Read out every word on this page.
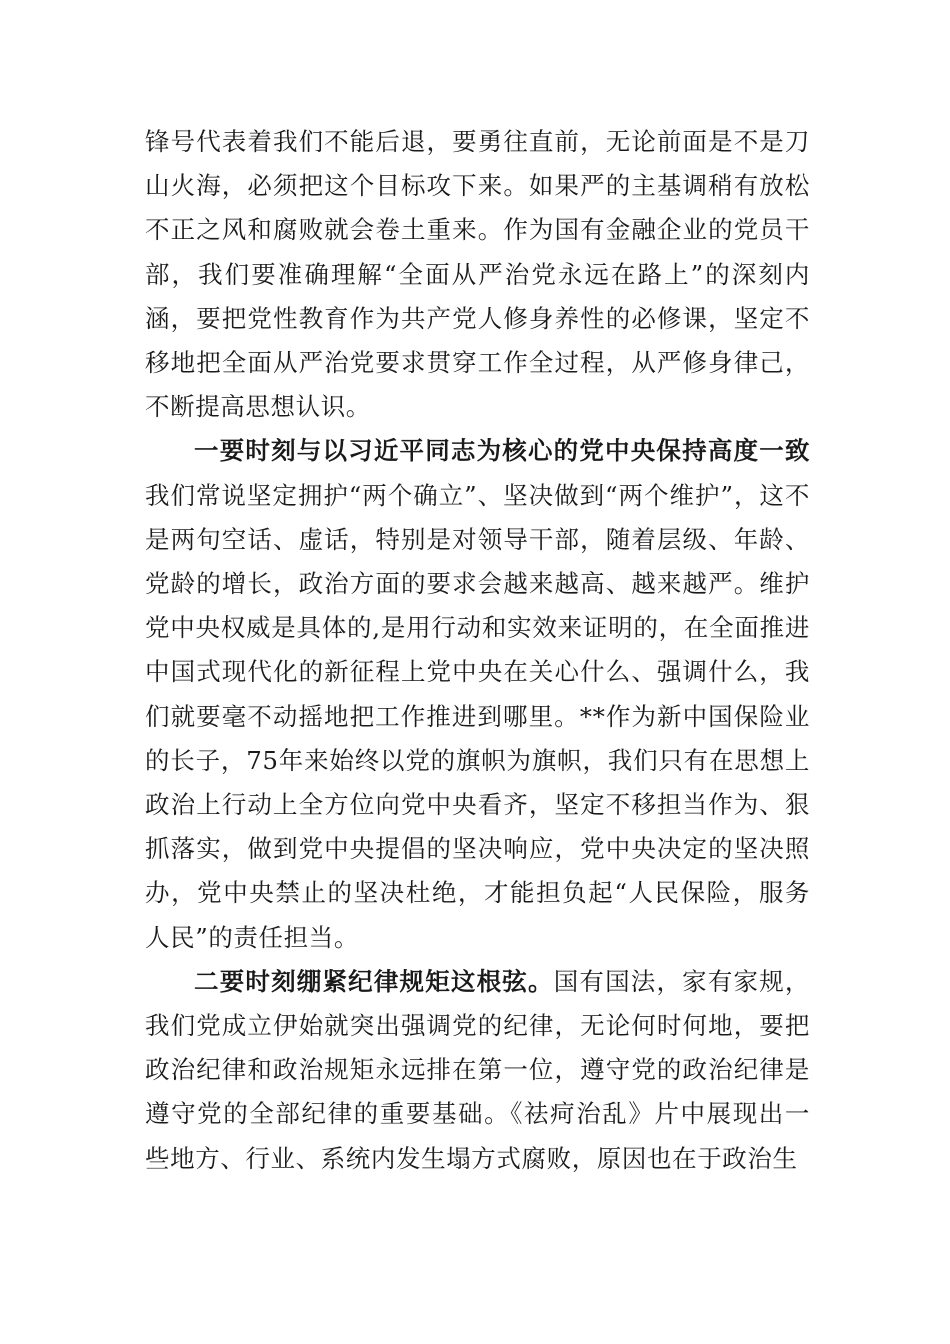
锋号代表着我们不能后退，要勇往直前，无论前面是不是刀山火海，必须把这个目标攻下来。如果严的主基调稍有放松不正之风和腐败就会卷土重来。作为国有金融企业的党员干部，我们要准确理解“全面从严治党永远在路上”的深刻内涵，要把党性教育作为共产党人修身养性的必修课，坚定不移地把全面从严治党要求贯穿工作全过程，从严修身律己，不断提高思想认识。

一要时刻与以习近平同志为核心的党中央保持高度一致我们常说坚定拥护“两个确立”、坚决做到“两个维护”，这不是两句空话、虚话，特别是对领导干部，随着层级、年龄、党龄的增长，政治方面的要求会越来越高、越来越严。维护党中央权威是具体的,是用行动和实效来证明的，在全面推进中国式现代化的新征程上党中央在关心什么、强调什么，我们就要毫不动摇地把工作推进到哪里。**作为新中国保险业的长子，75年来始终以党的旗帜为旗帜，我们只有在思想上政治上行动上全方位向党中央看齐，坚定不移担当作为、狠抓落实，做到党中央提倡的坚决响应，党中央决定的坚决照办，党中央禁止的坚决杜绝，才能担负起“人民保险，服务人民”的责任担当。

二要时刻绷紧纪律规矩这根弦。国有国法，家有家规，我们党成立伊始就突出强调党的纪律，无论何时何地，要把政治纪律和政治规矩永远排在第一位，遵守党的政治纪律是遵守党的全部纪律的重要基础。《祛疴治乱》片中展现出一些地方、行业、系统内发生塌方式腐败，原因也在于政治生
